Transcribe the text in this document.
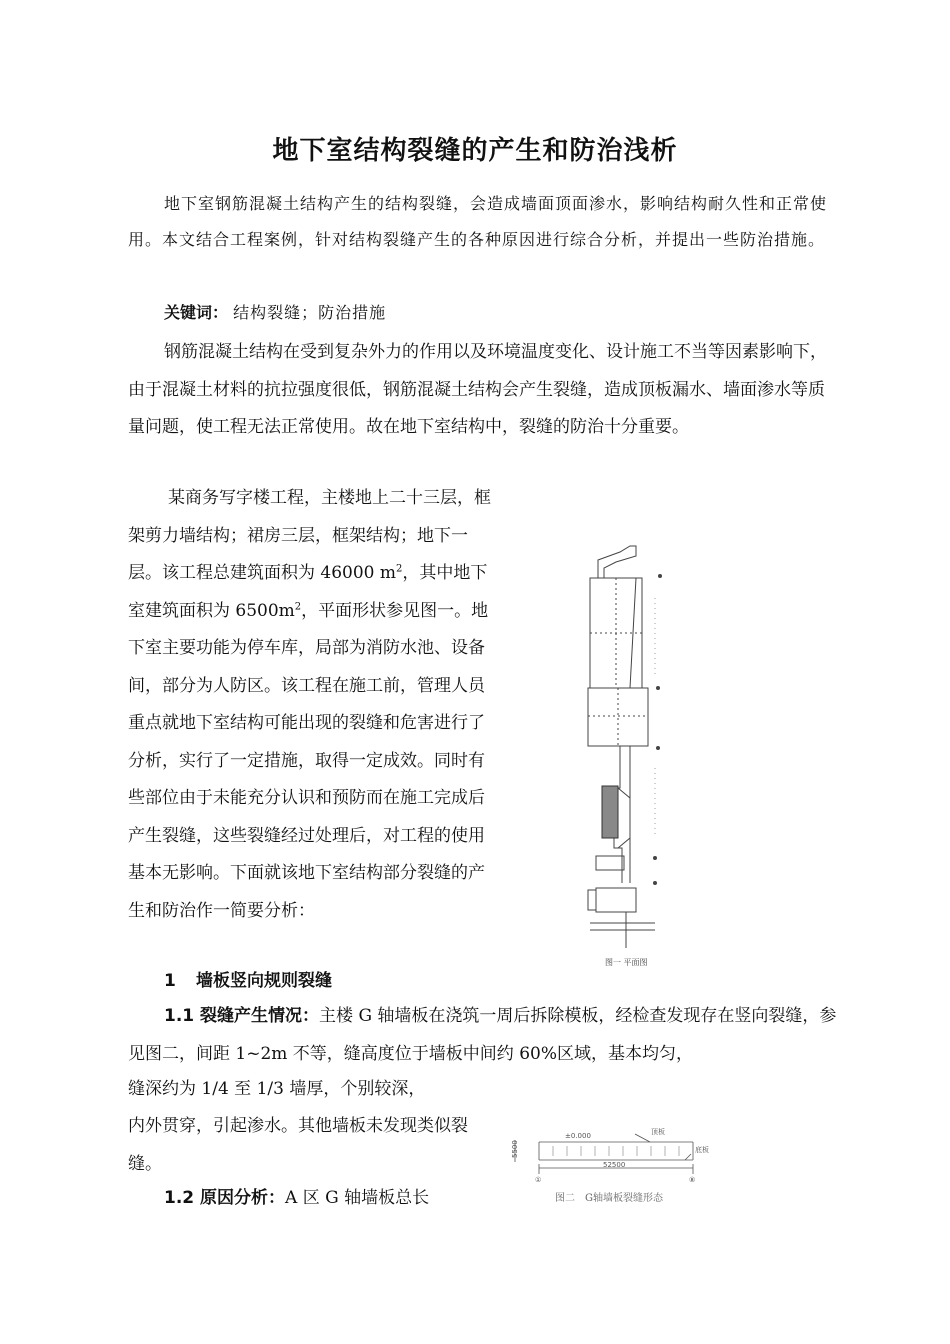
地下室结构裂缝的产生和防治浅析

地下室钢筋混凝土结构产生的结构裂缝，会造成墙面顶面渗水，影响结构耐久性和正常使用。本文结合工程案例，针对结构裂缝产生的各种原因进行综合分析，并提出一些防治措施。

关键词： 结构裂缝；防治措施

钢筋混凝土结构在受到复杂外力的作用以及环境温度变化、设计施工不当等因素影响下，由于混凝土材料的抗拉强度很低，钢筋混凝土结构会产生裂缝，造成顶板漏水、墙面渗水等质量问题，使工程无法正常使用。故在地下室结构中，裂缝的防治十分重要。

某商务写字楼工程，主楼地上二十三层，框架剪力墙结构；裙房三层，框架结构；地下一层。该工程总建筑面积为 46000 $m^2$，其中地下室建筑面积为 $6500m^2$，平面形状参见图一。地下室主要功能为停车库，局部为消防水池、设备间，部分为人防区。该工程在施工前，管理人员重点就地下室结构可能出现的裂缝和危害进行了分析，实行了一定措施，取得一定成效。同时有些部位由于未能充分认识和预防而在施工完成后产生裂缝，这些裂缝经过处理后，对工程的使用基本无影响。下面就该地下室结构部分裂缝的产生和防治作一简要分析：

图一 平面图
1 墙板竖向规则裂缝

1.1 裂缝产生情况：主楼 G 轴墙板在浇筑一周后拆除模板，经检查发现存在竖向裂缝，参见图二，间距 1~2m 不等，缝高度位于墙板中间约 60%区域，基本均匀，

缝深约为 1/4 至 1/3 墙厚，个别较深，

内外贯穿，引起渗水。其他墙板未发现类似裂缝。

±0.000	顶板
底板
5500
52500
①	⑧
图二　G轴墙板裂缝形态

1.2 原因分析：A 区 G 轴墙板总长
